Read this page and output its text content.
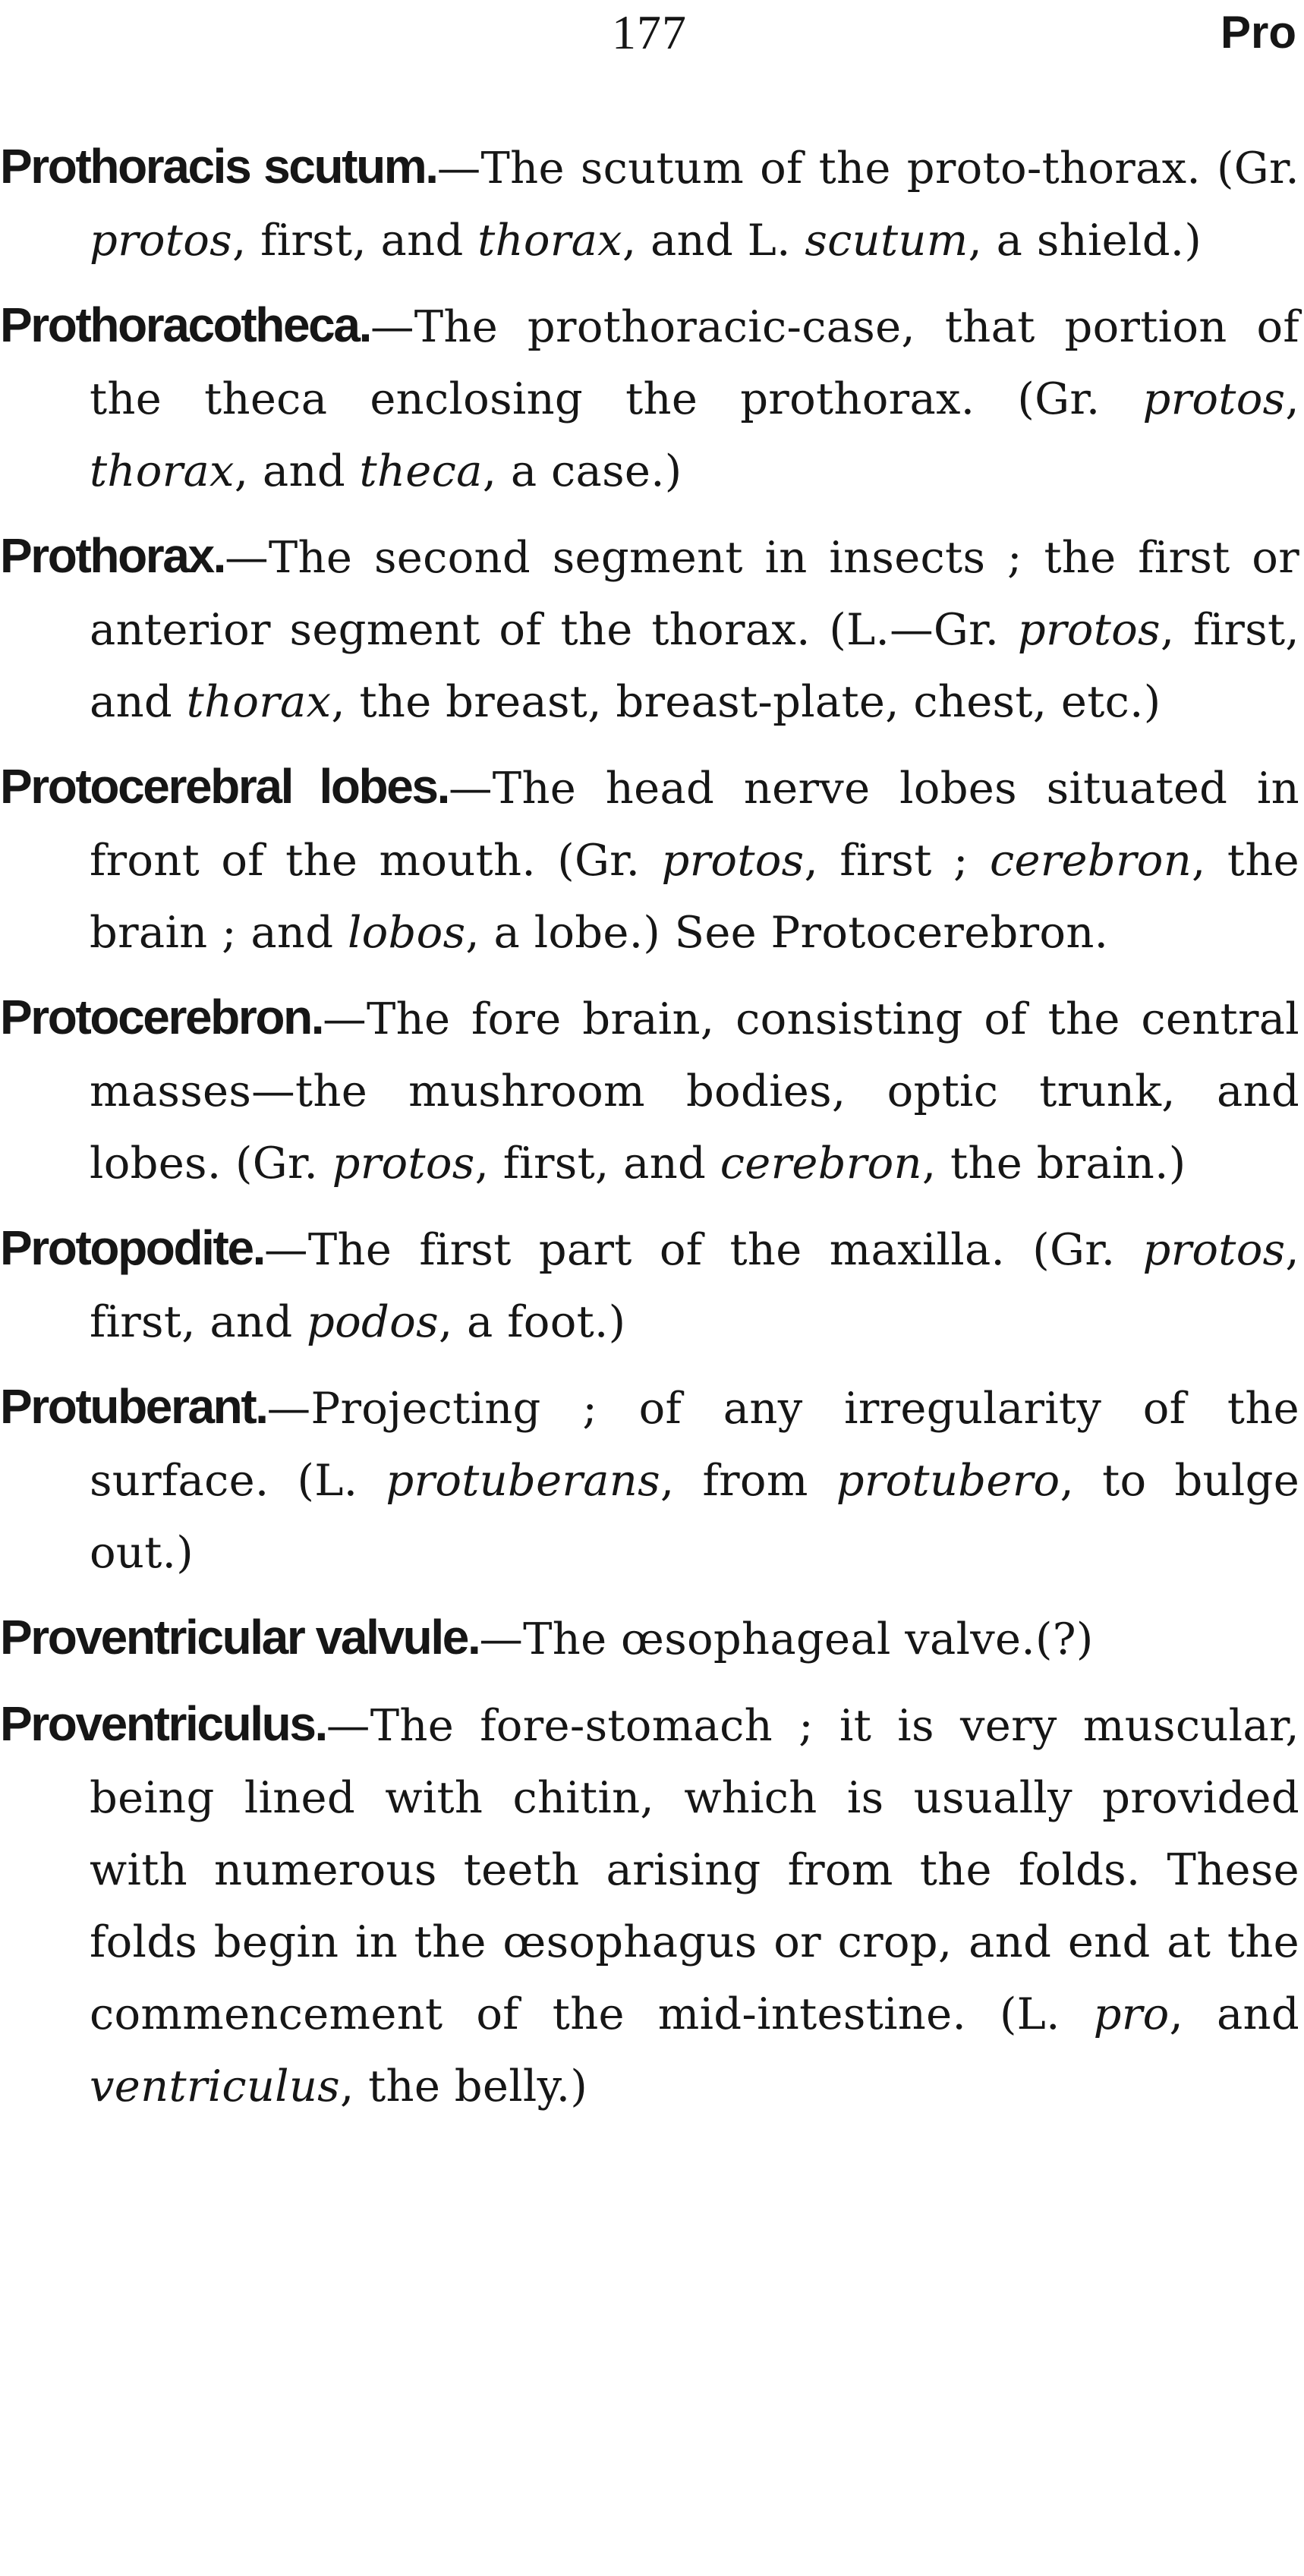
177	Pro

Prothoracis scutum.—The scutum of the proto-thorax. (Gr. protos, first, and thorax, and L. scutum, a shield.)

Prothoracotheca.—The prothoracic-case, that portion of the theca enclosing the prothorax. (Gr. protos, thorax, and theca, a case.)

Prothorax.—The second segment in insects ; the first or anterior segment of the thorax. (L.—Gr. protos, first, and thorax, the breast, breast-plate, chest, etc.)

Protocerebral lobes.—The head nerve lobes situated in front of the mouth. (Gr. protos, first ; cerebron, the brain ; and lobos, a lobe.) See Protocerebron.

Protocerebron.—The fore brain, consisting of the central masses—the mushroom bodies, optic trunk, and lobes. (Gr. protos, first, and cerebron, the brain.)

Protopodite.—The first part of the maxilla. (Gr. protos, first, and podos, a foot.)

Protuberant.—Projecting ; of any irregularity of the surface. (L. protuberans, from protubero, to bulge out.)

Proventricular valvule.—The œsophageal valve.(?)

Proventriculus.—The fore-stomach ; it is very muscular, being lined with chitin, which is usually provided with numerous teeth arising from the folds. These folds begin in the œsophagus or crop, and end at the commencement of the mid-intestine. (L. pro, and ventriculus, the belly.)
